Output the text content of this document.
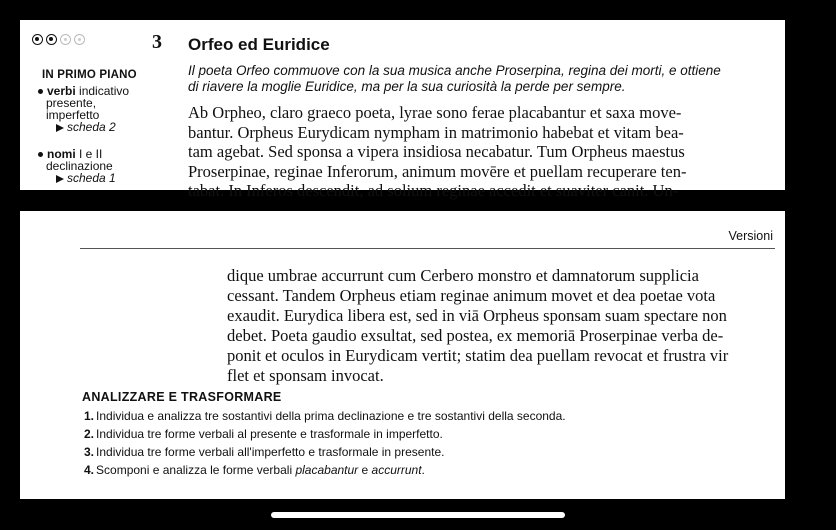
3 Orfeo ed Euridice
IN PRIMO PIANO
verbi indicativo
presente,
imperfetto
scheda 2
nomi I e II
declinazione
scheda 1
Il poeta Orfeo commuove con la sua musica anche Proserpina, regina dei morti, e ottiene
di riavere la moglie Euridice, ma per la sua curiosità la perde per sempre.

Ab Orpheo, claro graeco poeta, lyrae sono ferae placabantur et saxa move-

bantur. Orpheus Eurydicam nympham in matrimonio habebat et vitam bea-

tam agebat. Sed sponsa a vipera insidiosa necabatur. Tum Orpheus maestus

Proserpinae, reginae Inferorum, animum movēre et puellam recuperare ten-

tabat. In Inferos descendit, ad solium reginae accedit et suaviter canit. Un-

Versioni

dique umbrae accurrunt cum Cerbero monstro et damnatorum supplicia

cessant. Tandem Orpheus etiam reginae animum movet et dea poetae vota

exaudit. Eurydica libera est, sed in viā Orpheus sponsam suam spectare non

debet. Poeta gaudio exsultat, sed postea, ex memoriā Proserpinae verba de-

ponit et oculos in Eurydicam vertit; statim dea puellam revocat et frustra vir

flet et sponsam invocat.

ANALIZZARE E TRASFORMARE
1. Individua e analizza tre sostantivi della prima declinazione e tre sostantivi della seconda.
2. Individua tre forme verbali al presente e trasformale in imperfetto.
3. Individua tre forme verbali all'imperfetto e trasformale in presente.
4. Scomponi e analizza le forme verbali placabantur e accurrunt.
